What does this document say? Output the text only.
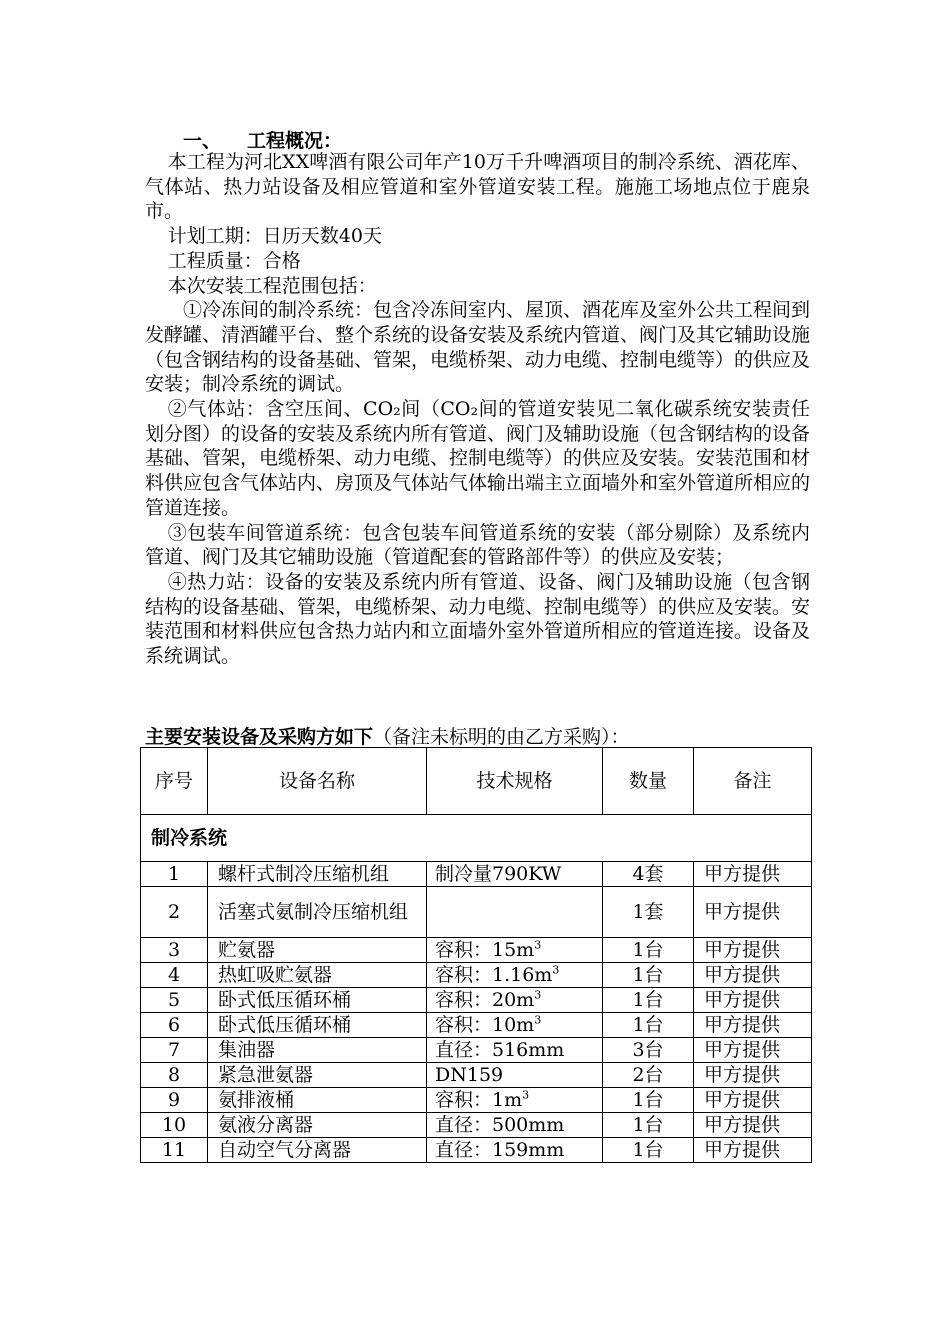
一、 工程概况：

本工程为河北XX啤酒有限公司年产10万千升啤酒项目的制冷系统、酒花库、气体站、热力站设备及相应管道和室外管道安装工程。施施工场地点位于鹿泉市。

计划工期：日历天数40天

工程质量：合格

本次安装工程范围包括：

①冷冻间的制冷系统：包含冷冻间室内、屋顶、酒花库及室外公共工程间到发酵罐、清酒罐平台、整个系统的设备安装及系统内管道、阀门及其它辅助设施（包含钢结构的设备基础、管架，电缆桥架、动力电缆、控制电缆等）的供应及安装；制冷系统的调试。

②气体站：含空压间、CO₂间（CO₂间的管道安装见二氧化碳系统安装责任划分图）的设备的安装及系统内所有管道、阀门及辅助设施（包含钢结构的设备基础、管架，电缆桥架、动力电缆、控制电缆等）的供应及安装。安装范围和材料供应包含气体站内、房顶及气体站气体输出端主立面墙外和室外管道所相应的管道连接。

③包装车间管道系统：包含包装车间管道系统的安装（部分剔除）及系统内管道、阀门及其它辅助设施（管道配套的管路部件等）的供应及安装；

④热力站：设备的安装及系统内所有管道、设备、阀门及辅助设施（包含钢结构的设备基础、管架，电缆桥架、动力电缆、控制电缆等）的供应及安装。安装范围和材料供应包含热力站内和立面墙外室外管道所相应的管道连接。设备及系统调试。

主要安装设备及采购方如下（备注未标明的由乙方采购）：
序号	设备名称	技术规格	数量	备注
制冷系统				
1	螺杆式制冷压缩机组	制冷量790KW	4套	甲方提供
2	活塞式氨制冷压缩机组		1套	甲方提供
3	贮氨器	容积：$15m^3$	1台	甲方提供
4	热虹吸贮氨器	容积：$1.16m^3$	1台	甲方提供
5	卧式低压循环桶	容积：$20m^3$	1台	甲方提供
6	卧式低压循环桶	容积：$10m^3$	1台	甲方提供
7	集油器	直径：516mm	3台	甲方提供
8	紧急泄氨器	DN159	2台	甲方提供
9	氨排液桶	容积：$1m^3$	1台	甲方提供
10	氨液分离器	直径：500mm	1台	甲方提供
11	自动空气分离器	直径：159mm	1台	甲方提供
